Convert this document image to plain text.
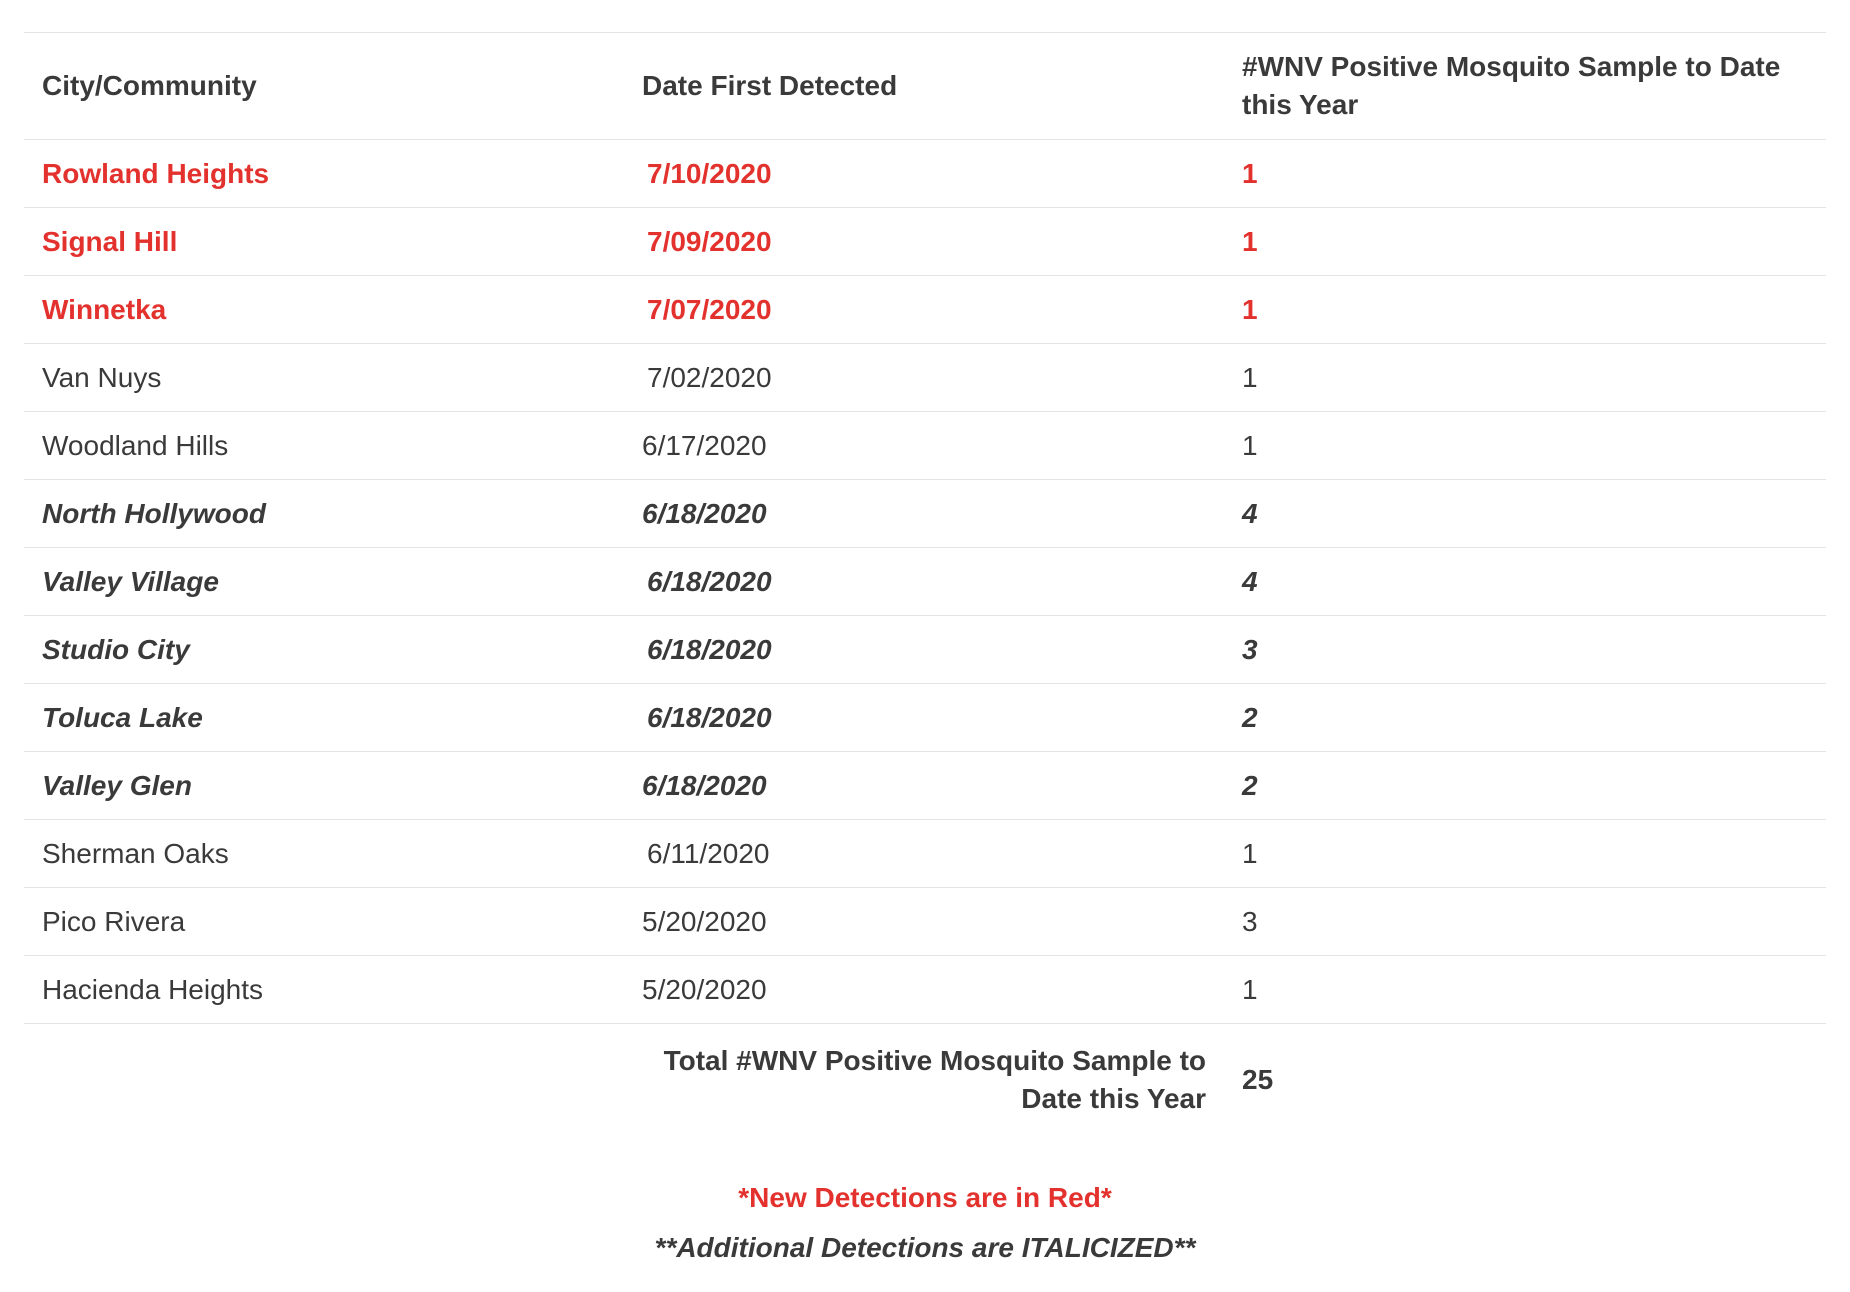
City/Community	Date First Detected	#WNV Positive Mosquito Sample to Date this Year
Rowland Heights	7/10/2020	1
Signal Hill	7/09/2020	1
Winnetka	7/07/2020	1
Van Nuys	7/02/2020	1
Woodland Hills	6/17/2020	1
North Hollywood	6/18/2020	4
Valley Village	6/18/2020	4
Studio City	6/18/2020	3
Toluca Lake	6/18/2020	2
Valley Glen	6/18/2020	2
Sherman Oaks	6/11/2020	1
Pico Rivera	5/20/2020	3
Hacienda Heights	5/20/2020	1
	Total #WNV Positive Mosquito Sample to Date this Year	25
*New Detections are in Red*
**Additional Detections are ITALICIZED**
